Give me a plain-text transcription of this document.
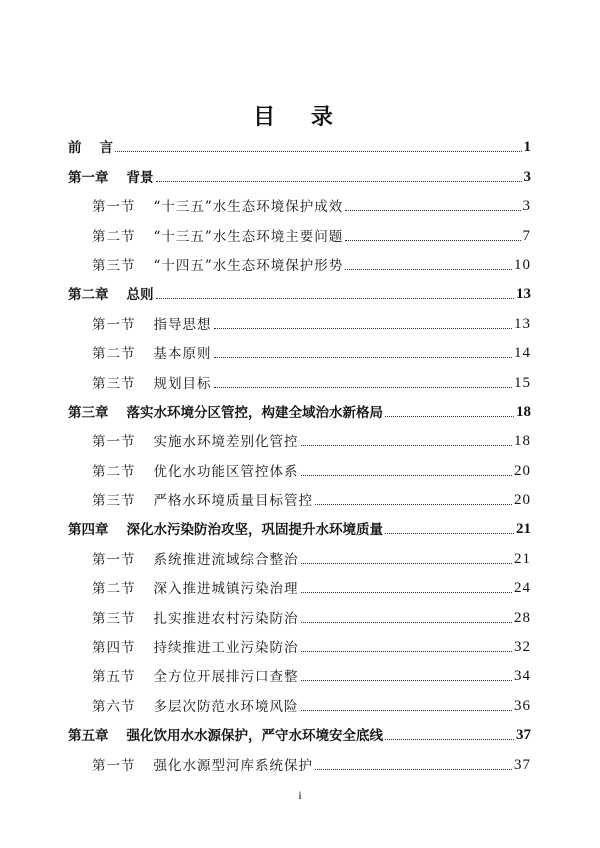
目 录
前 言	1
第一章 背景	3
第一节 “十三五”水生态环境保护成效	3
第二节 “十三五”水生态环境主要问题	7
第三节 “十四五”水生态环境保护形势	10
第二章 总则	13
第一节 指导思想	13
第二节 基本原则	14
第三节 规划目标	15
第三章 落实水环境分区管控，构建全域治水新格局	18
第一节 实施水环境差别化管控	18
第二节 优化水功能区管控体系	20
第三节 严格水环境质量目标管控	20
第四章 深化水污染防治攻坚，巩固提升水环境质量	21
第一节 系统推进流域综合整治	21
第二节 深入推进城镇污染治理	24
第三节 扎实推进农村污染防治	28
第四节 持续推进工业污染防治	32
第五节 全方位开展排污口查整	34
第六节 多层次防范水环境风险	36
第五章 强化饮用水水源保护，严守水环境安全底线	37
第一节 强化水源型河库系统保护	37
i
